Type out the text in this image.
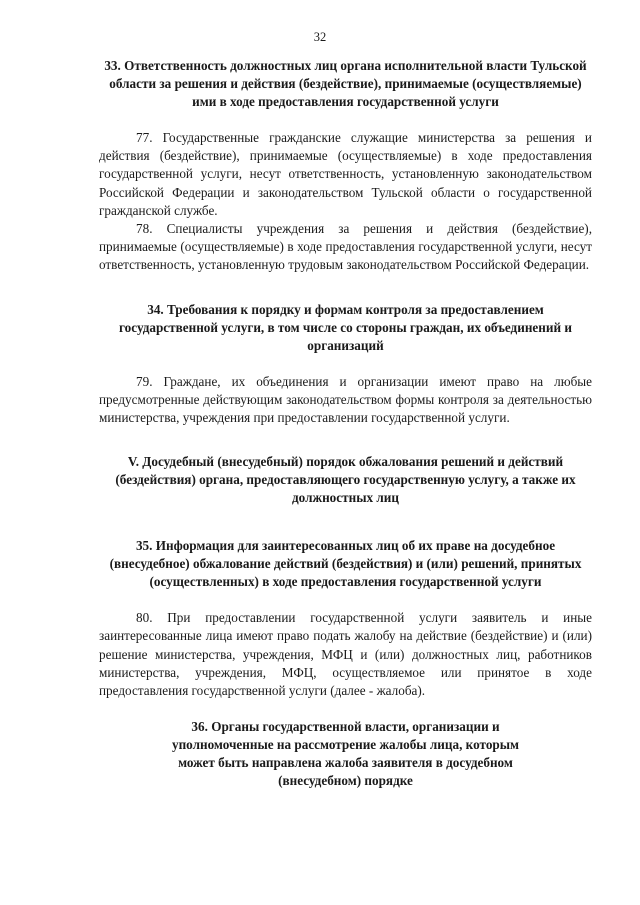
32
33. Ответственность должностных лиц органа исполнительной власти Тульской области за решения и действия (бездействие), принимаемые (осуществляемые) ими в ходе предоставления государственной услуги

77. Государственные гражданские служащие министерства за решения и действия (бездействие), принимаемые (осуществляемые) в ходе предоставления государственной услуги, несут ответственность, установленную законодательством Российской Федерации и законодательством Тульской области о государственной гражданской службе.

78. Специалисты учреждения за решения и действия (бездействие), принимаемые (осуществляемые) в ходе предоставления государственной услуги, несут ответственность, установленную трудовым законодательством Российской Федерации.

34. Требования к порядку и формам контроля за предоставлением государственной услуги, в том числе со стороны граждан, их объединений и организаций

79. Граждане, их объединения и организации имеют право на любые предусмотренные действующим законодательством формы контроля за деятельностью министерства, учреждения при предоставлении государственной услуги.

V. Досудебный (внесудебный) порядок обжалования решений и действий (бездействия) органа, предоставляющего государственную услугу, а также их должностных лиц
35. Информация для заинтересованных лиц об их праве на досудебное (внесудебное) обжалование действий (бездействия) и (или) решений, принятых (осуществленных) в ходе предоставления государственной услуги

80. При предоставлении государственной услуги заявитель и иные заинтересованные лица имеют право подать жалобу на действие (бездействие) и (или) решение министерства, учреждения, МФЦ и (или) должностных лиц, работников министерства, учреждения, МФЦ, осуществляемое или принятое в ходе предоставления государственной услуги (далее - жалоба).

36. Органы государственной власти, организации и уполномоченные на рассмотрение жалобы лица, которым может быть направлена жалоба заявителя в досудебном (внесудебном) порядке
